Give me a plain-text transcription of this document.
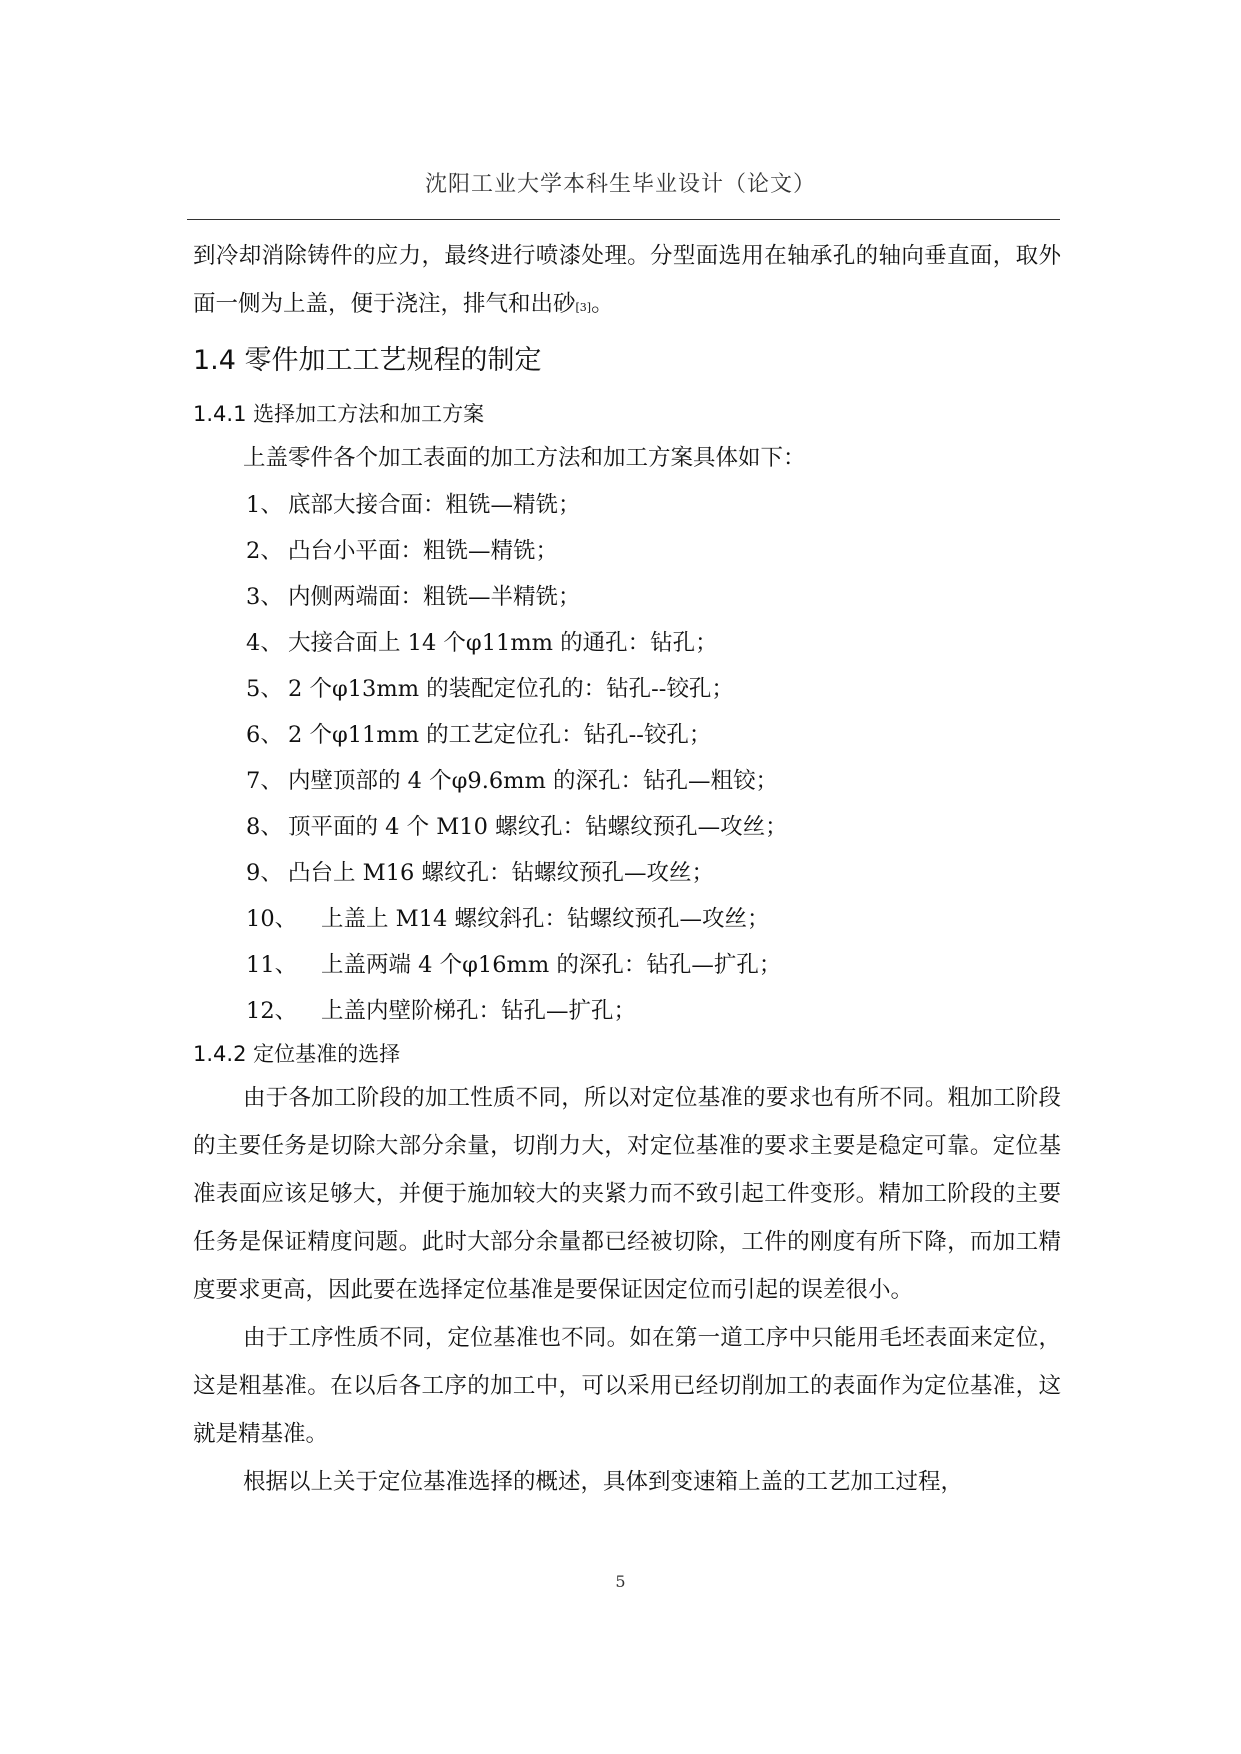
沈阳工业大学本科生毕业设计（论文）

到冷却消除铸件的应力，最终进行喷漆处理。分型面选用在轴承孔的轴向垂直面，取外面一侧为上盖，便于浇注，排气和出砂[3]。

1.4 零件加工工艺规程的制定
1.4.1 选择加工方法和加工方案

上盖零件各个加工表面的加工方法和加工方案具体如下：

1、 底部大接合面：粗铣—精铣；
2、 凸台小平面：粗铣—精铣；
3、 内侧两端面：粗铣—半精铣；
4、 大接合面上 14 个φ11mm 的通孔：钻孔；
5、 2 个φ13mm 的装配定位孔的：钻孔--铰孔；
6、 2 个φ11mm 的工艺定位孔：钻孔--铰孔；
7、 内壁顶部的 4 个φ9.6mm 的深孔：钻孔—粗铰；
8、 顶平面的 4 个 M10 螺纹孔：钻螺纹预孔—攻丝；
9、 凸台上 M16 螺纹孔：钻螺纹预孔—攻丝；
10、 上盖上 M14 螺纹斜孔：钻螺纹预孔—攻丝；
11、 上盖两端 4 个φ16mm 的深孔：钻孔—扩孔；
12、 上盖内壁阶梯孔：钻孔—扩孔；
1.4.2 定位基准的选择

由于各加工阶段的加工性质不同，所以对定位基准的要求也有所不同。粗加工阶段的主要任务是切除大部分余量，切削力大，对定位基准的要求主要是稳定可靠。定位基准表面应该足够大，并便于施加较大的夹紧力而不致引起工件变形。精加工阶段的主要任务是保证精度问题。此时大部分余量都已经被切除，工件的刚度有所下降，而加工精度要求更高，因此要在选择定位基准是要保证因定位而引起的误差很小。

由于工序性质不同，定位基准也不同。如在第一道工序中只能用毛坯表面来定位，这是粗基准。在以后各工序的加工中，可以采用已经切削加工的表面作为定位基准，这就是精基准。

根据以上关于定位基准选择的概述，具体到变速箱上盖的工艺加工过程，

5
